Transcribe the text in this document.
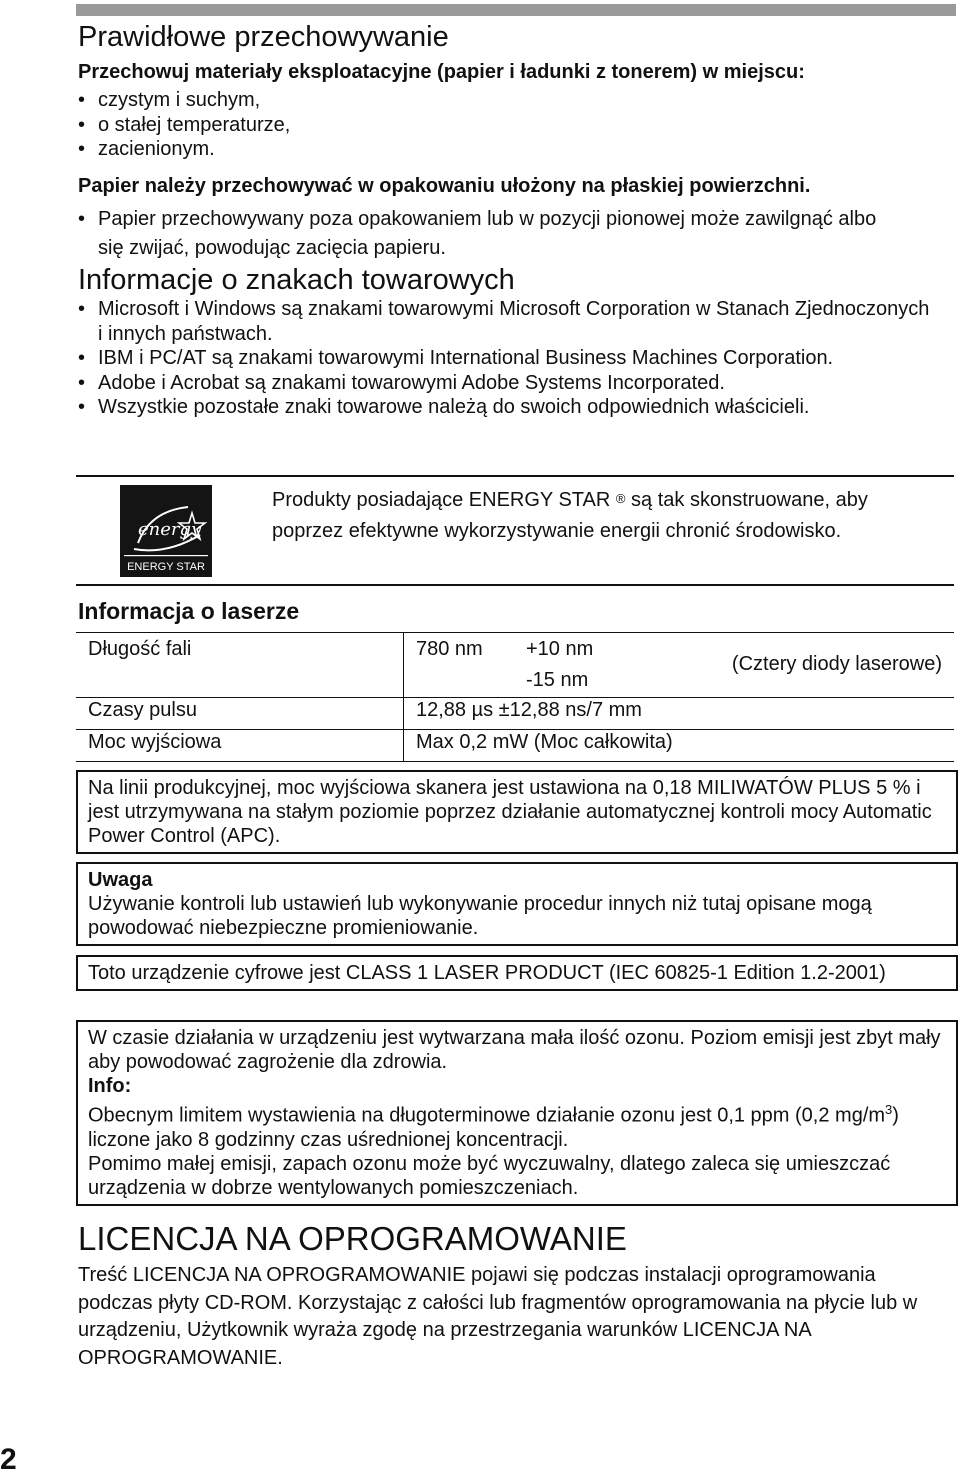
Prawidłowe przechowywanie
Przechowuj materiały eksploatacyjne (papier i ładunki z tonerem) w miejscu:
• czystym i suchym,
• o stałej temperaturze,
• zacienionym.
Papier należy przechowywać w opakowaniu ułożony na płaskiej powierzchni.
• Papier przechowywany poza opakowaniem lub w pozycji pionowej może zawilgnąć albo się zwijać, powodując zacięcia papieru.
Informacje o znakach towarowych
• Microsoft i Windows są znakami towarowymi Microsoft Corporation w Stanach Zjednoczonych i innych państwach.
• IBM i PC/AT są znakami towarowymi International Business Machines Corporation.
• Adobe i Acrobat są znakami towarowymi Adobe Systems Incorporated.
• Wszystkie pozostałe znaki towarowe należą do swoich odpowiednich właścicieli.
energy
ENERGY STAR
Produkty posiadające ENERGY STAR ® są tak skonstruowane, aby poprzez efektywne wykorzystywanie energii chronić środowisko.
Informacja o laserze
Długość fali	780 nm +10 nm
-15 nm
(Cztery diody laserowe)	

Czasy pulsu	12,88 µs ±12,88 ns/7 mm	
Moc wyjściowa	Max 0,2 mW (Moc całkowita)	
Na linii produkcyjnej, moc wyjściowa skanera jest ustawiona na 0,18 MILIWATÓW PLUS 5 % i jest utrzymywana na stałym poziomie poprzez działanie automatycznej kontroli mocy Automatic Power Control (APC).
Uwaga
Używanie kontroli lub ustawień lub wykonywanie procedur innych niż tutaj opisane mogą powodować niebezpieczne promieniowanie.
Toto urządzenie cyfrowe jest CLASS 1 LASER PRODUCT (IEC 60825-1 Edition 1.2-2001)
W czasie działania w urządzeniu jest wytwarzana mała ilość ozonu. Poziom emisji jest zbyt mały aby powodować zagrożenie dla zdrowia.
Info:
Obecnym limitem wystawienia na długoterminowe działanie ozonu jest 0,1 ppm (0,2 $mg/m^3$) liczone jako 8 godzinny czas uśrednionej koncentracji.
Pomimo małej emisji, zapach ozonu może być wyczuwalny, dlatego zaleca się umieszczać urządzenia w dobrze wentylowanych pomieszczeniach.
LICENCJA NA OPROGRAMOWANIE
Treść LICENCJA NA OPROGRAMOWANIE pojawi się podczas instalacji oprogramowania podczas płyty CD-ROM. Korzystając z całości lub fragmentów oprogramowania na płycie lub w urządzeniu, Użytkownik wyraża zgodę na przestrzegania warunków LICENCJA NA OPROGRAMOWANIE.
2
